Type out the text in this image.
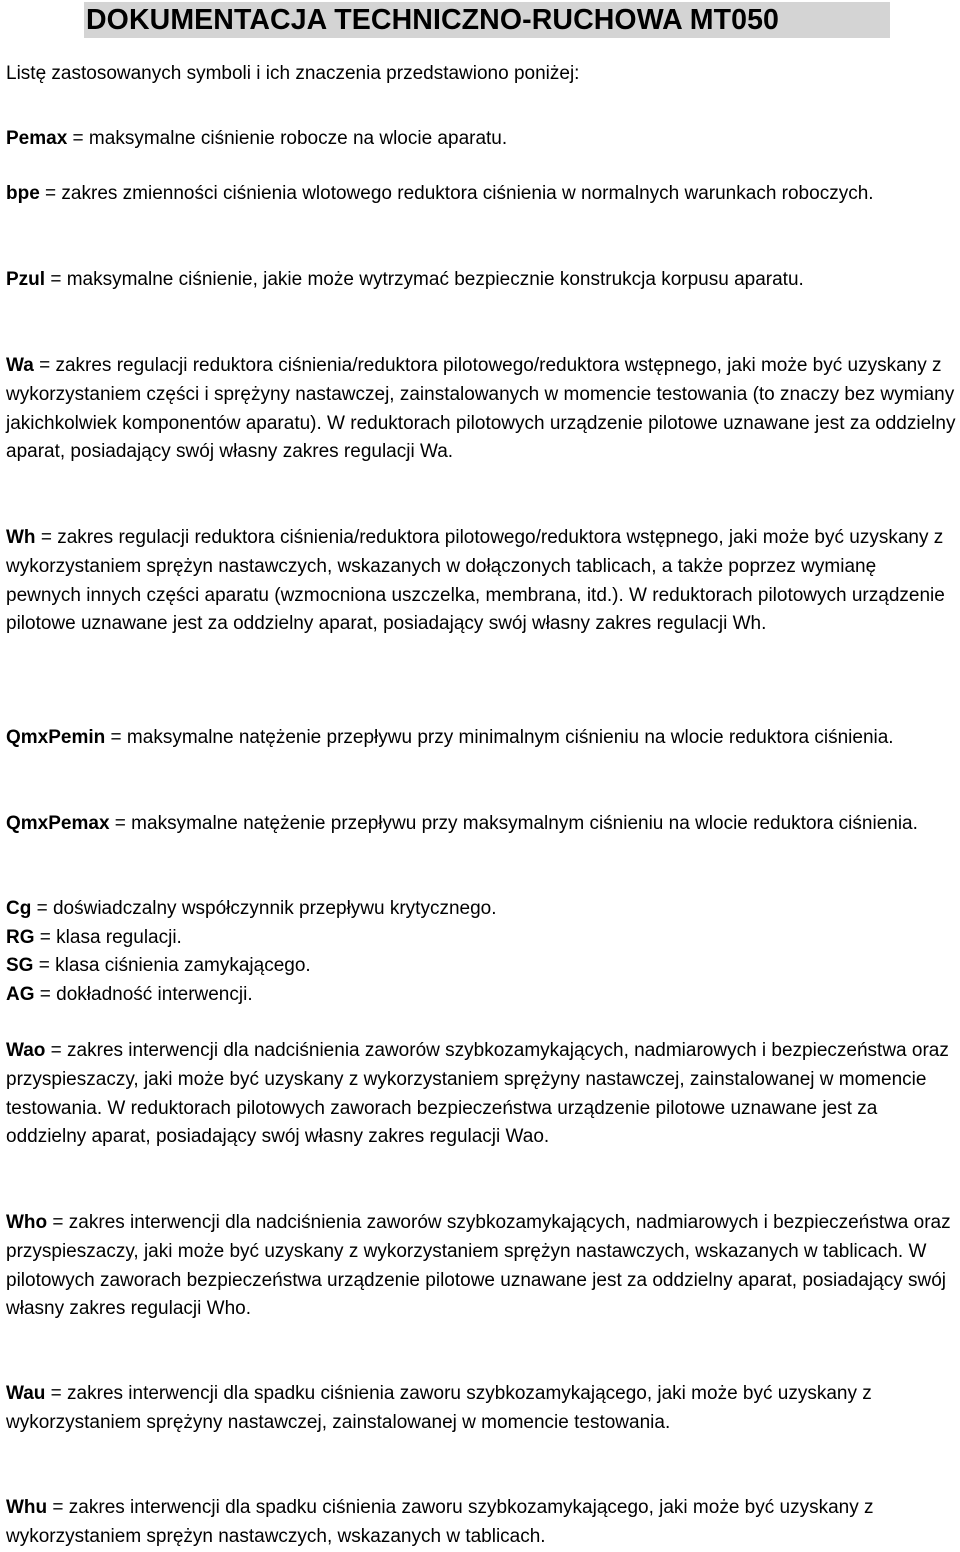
DOKUMENTACJA TECHNICZNO-RUCHOWA MT050

Listę zastosowanych symboli i ich znaczenia przedstawiono poniżej:

Pemax = maksymalne ciśnienie robocze na wlocie aparatu.

bpe = zakres zmienności ciśnienia wlotowego reduktora ciśnienia w normalnych warunkach roboczych.

Pzul = maksymalne ciśnienie, jakie może wytrzymać bezpiecznie konstrukcja korpusu aparatu.

Wa = zakres regulacji reduktora ciśnienia/reduktora pilotowego/reduktora wstępnego, jaki może być uzyskany z wykorzystaniem części i sprężyny nastawczej, zainstalowanych w momencie testowania (to znaczy bez wymiany jakichkolwiek komponentów aparatu). W reduktorach pilotowych urządzenie pilotowe uznawane jest za oddzielny aparat, posiadający swój własny zakres regulacji Wa.

Wh = zakres regulacji reduktora ciśnienia/reduktora pilotowego/reduktora wstępnego, jaki może być uzyskany z wykorzystaniem sprężyn nastawczych, wskazanych w dołączonych tablicach, a także poprzez wymianę pewnych innych części aparatu (wzmocniona uszczelka, membrana, itd.). W reduktorach pilotowych urządzenie pilotowe uznawane jest za oddzielny aparat, posiadający swój własny zakres regulacji Wh.

QmxPemin = maksymalne natężenie przepływu przy minimalnym ciśnieniu na wlocie reduktora ciśnienia.

QmxPemax = maksymalne natężenie przepływu przy maksymalnym ciśnieniu na wlocie reduktora ciśnienia.

Cg = doświadczalny współczynnik przepływu krytycznego.

RG = klasa regulacji.

SG = klasa ciśnienia zamykającego.

AG = dokładność interwencji.

Wao = zakres interwencji dla nadciśnienia zaworów szybkozamykających, nadmiarowych i bezpieczeństwa oraz przyspieszaczy, jaki może być uzyskany z wykorzystaniem sprężyny nastawczej, zainstalowanej w momencie testowania. W reduktorach pilotowych zaworach bezpieczeństwa urządzenie pilotowe uznawane jest za oddzielny aparat, posiadający swój własny zakres regulacji Wao.

Who = zakres interwencji dla nadciśnienia zaworów szybkozamykających, nadmiarowych i bezpieczeństwa oraz przyspieszaczy, jaki może być uzyskany z wykorzystaniem sprężyn nastawczych, wskazanych w tablicach. W pilotowych zaworach bezpieczeństwa urządzenie pilotowe uznawane jest za oddzielny aparat, posiadający swój własny zakres regulacji Who.

Wau = zakres interwencji dla spadku ciśnienia zaworu szybkozamykającego, jaki może być uzyskany z wykorzystaniem sprężyny nastawczej, zainstalowanej w momencie testowania.

Whu = zakres interwencji dla spadku ciśnienia zaworu szybkozamykającego, jaki może być uzyskany z wykorzystaniem sprężyn nastawczych, wskazanych w tablicach.
